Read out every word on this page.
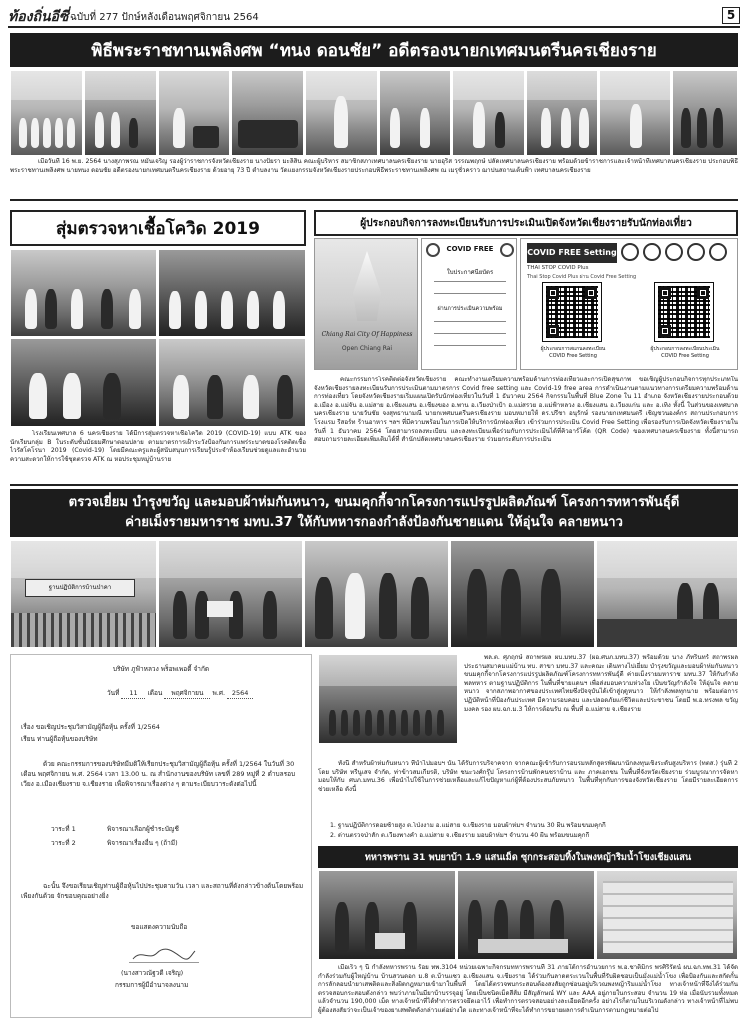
ท้องถิ่นอีซี่ ฉบับที่ 277 ปักษ์หลังเดือนพฤศจิกายน 2564	5
พิธีพระราชทานเพลิงศพ “ทนง ดอนชัย” อดีตรองนายกเทศมนตรีนครเชียงราย
เมื่อวันที่ 16 พ.ย. 2564 นางสุภาพรณ หมั่นเจริญ รองผู้ว่าราชการจังหวัดเชียงราย นางปัยรา มะลิสิน คณะผู้บริหาร สมาชิกสภาเทศบาลนครเชียงราย นายอุริส วรรณพฤกษ์ ปลัดเทศบาลนครเชียงราย พร้อมด้วยข้าราชการและเจ้าหน้าที่เทศบาลนครเชียงราย ประกอบพิธีพระราชทานเพลิงศพ นายทนง ดอนชัย อดีตรองนายกเทศมนตรีนครเชียงราย ด้วยอายุ 73 ปี ตำบลงาน วัดแยงกรรมจังหวัดเชียงรายประกอบพิธีพระราชทานเพลิงศพ ณ เมรุชั่วคราว ฌาปนสถานเต้นฟ้า เทศบาลนครเชียงราย
สุ่มตรวจหาเชื้อโควิด 2019
โรงเรียนเทศบาล 6 นครเชียงราย ได้มีการสุ่มตรวจหาเชื้อโควิด 2019 (COVID-19) แบบ ATK ของนักเรียนกลุ่ม B ในระดับชั้นมัธยมศึกษาตอนปลาย ตามมาตรการเฝ้าระวังป้องกันการแพร่ระบาดของโรคติดเชื้อไวรัสโคโรนา 2019 (Covid-19) โดยมีคณะครูและผู้สนับสนุนการเรียนรู้ประจำห้องเรียนช่วยดูแลและอำนวยความสะดวกให้การใช้ชุดตรวจ ATK ณ หอประชุมหมู่บ้านราย
ผู้ประกอบกิจการลงทะเบียนรับการประเมินเปิดจังหวัดเชียงรายรับนักท่องเที่ยว
Chiang Rai City Of Happiness
Open Chiang Rai
COVID FREE
ใบประกาศนียบัตร
ผ่านการประเมินความพร้อม
COVID FREE Setting
THAI STOP COVID Plus
Thai Stop Covid Plus ผ่าน Covid Free Setting
ผู้ประกอบการสแกนลงทะเบียน
COVID Free Setting
ผู้ประกอบการลงทะเบียนประเมิน
COVID Free Setting
คณะกรรมการโรคติดต่อจังหวัดเชียงราย คณะทำงานเตรียมความพร้อมด้านการท่องเที่ยวและการเปิดสุขภาพ ขอเชิญผู้ประกอบกิจการทุกประเภทในจังหวัดเชียงรายลงทะเบียนรับการประเมินตามมาตรการ Covid free setting และ Covid-19 free area การดำเนินงานตามแนวทางการเตรียมความพร้อมด้านการท่องเที่ยว โดยจังหวัดเชียงรายเริ่มแผนเปิดรับนักท่องเที่ยวในวันที่ 1 ธันวาคม 2564 กิจกรรมในพื้นที่ Blue Zone ใน 11 อำเภอ จังหวัดเชียงรายประกอบด้วย อ.เมือง อ.แม่จัน อ.แม่สาย อ.เชียงแสน อ.เชียงของ อ.พาน อ.เวียงป่าเป้า อ.แม่สรวย อ.แม่ฟ้าหลวง อ.เชียงแสน อ.เวียงแก่น และ อ.เทิง ทั้งนี้ ในส่วนของเทศบาลนครเชียงราย นายวันชัย จงสุทธานามณี นายกเทศมนตรีนครเชียงราย มอบหมายให้ ดร.ปรีชา อนุรักษ์ รองนายกเทศมนตรี เชิญชวนองค์กร สถานประกอบการ โรงแรม รีสอร์ท ร้านอาหาร ฯลฯ ที่มีความพร้อมในการเปิดให้บริการนักท่องเที่ยว เข้าร่วมการประเมิน Covid Free Setting เพื่อรองรับการเปิดจังหวัดเชียงรายในวันที่ 1 ธันวาคม 2564 โดยสามารถลงทะเบียน และลงทะเบียนเพื่อร่วมกับการประเมินได้ที่คิวอาร์โค้ด (QR Code) ของเทศบาลนครเชียงราย ทั้งนี้สามารถสอบถามรายละเอียดเพิ่มเติมได้ที่ สำนักปลัดเทศบาลนครเชียงราย ร่วมยกระดับการประเมิน
ตรวจเยี่ยม บำรุงขวัญ และมอบผ้าห่มกันหนาว, ขนมคุกกี้จากโครงการแปรรูปผลิตภัณฑ์ โครงการทหารพันธุ์ดี
ค่ายเม็งรายมหาราช มทบ.37 ให้กับทหารกองกำลังป้องกันชายแดน ให้อุ่นใจ คลายหนาว
ฐานปฏิบัติการบ้านป่าคา
บริษัท ภูฟ้าหลวง พร็อพเพอตี้ จำกัด
วันที่ 11 เดือน พฤศจิกายน พ.ศ. 2564
เรื่อง ขอเชิญประชุมวิสามัญผู้ถือหุ้น ครั้งที่ 1/2564
เรียน ท่านผู้ถือหุ้นของบริษัท
ด้วย คณะกรรมการของบริษัทมีมติให้เรียกประชุมวิสามัญผู้ถือหุ้น ครั้งที่ 1/2564 ในวันที่ 30 เดือน พฤศจิกายน พ.ศ. 2564 เวลา 13.00 น. ณ สำนักงานของบริษัท เลขที่ 289 หมู่ที่ 2 ตำบลรอบเวียง อ.เมืองเชียงราย จ.เชียงราย เพื่อพิจารณาเรื่องต่าง ๆ ตามระเบียบวาระดังต่อไปนี้
วาระที่ 1	พิจารณาเลือกผู้ชำระบัญชี
วาระที่ 2	พิจารณาเรื่องอื่น ๆ (ถ้ามี)
ฉะนั้น จึงขอเรียนเชิญท่านผู้ถือหุ้นไปประชุมตามวัน เวลา และสถานที่ดังกล่าวข้างต้นโดยพร้อมเพียงกันด้วย จักขอบคุณอย่างยิ่ง
ขอแสดงความนับถือ
(นางสาวณัฐวดี เจริญ)
กรรมการผู้มีอำนาจลงนาม
พล.ต. ศุภฤกษ์ สถาพรผล ผบ.มทบ.37 (ผอ.ศบภ.มทบ.37) พร้อมด้วย นาง ภัทรินทร์ สถาพรผล ประธานสมาคมแม่บ้าน ทบ. สาขา มทบ.37 และคณะ เดินทางไปเยี่ยม บำรุงขวัญและมอบผ้าห่มกันหนาว ขนมคุกกี้จากโครงการแปรรูปผลิตภัณฑ์โครงการทหารพันธุ์ดี ค่ายเม็งรายมหาราช มทบ.37 ให้กับกำลังพลทหาร ตามฐานปฏิบัติการ ในพื้นที่ชายแดนฯ เพื่อส่งมอบความห่วงใย เป็นขวัญกำลังใจ ให้อุ่นใจ คลายหนาว จากสภาพอากาศของประเทศไทยซึ่งปัจจุบันได้เข้าสู่ฤดูหนาว ให้กำลังพลทุกนาย พร้อมต่อการปฏิบัติหน้าที่ป้องกันประเทศ มีความรอบคอบ และปลอดภัยแก่ชีวิตและประชาชน โดยมี พ.อ.ทรงพล ขวัญมงคล รอง ผบ.ฉก.ม.3 ให้การต้อนรับ ณ พื้นที่ อ.แม่สาย จ.เชียงราย
ทั้งนี้ สำหรับผ้าห่มกันหนาว ที่นำไปมอบฯ นั้น ได้รับการบริจาคจาก จากคณะผู้เข้ารับการอบรมหลักสูตรพัฒนานักลงทุนเชิงระดับสูงบริหาร (ทตส.) รุ่นที่ 2 โดย บริษัท ทรีนูเสจ จำกัด, ท่าข้าวสมเกียรติ, บริษัท ชนะวงศ์กรุ๊ป โครงการบ้านพักคนชราบ้าน และ ภาคเอกชน ในพื้นที่จังหวัดเชียงราย ร่วมบูรณาการจัดหา มอบให้กับ ศบภ.มทบ.36 เพื่อนำไปใช้ในการช่วยเหลือและแก้ไขปัญหาแก่ผู้ที่ต้องประสบภัยหนาว ในพื้นที่ทุกกับการของจังหวัดเชียงราย โดยมีรายละเอียดการช่วยเหลือ ดังนี้
1. ฐานปฏิบัติการดอยซ้ายสูง ต.โป่งงาม อ.แม่สาย จ.เชียงราย มอบผ้าห่มฯ จำนวน 30 ผืน พร้อมขนมคุกกี้
2. ด่านตรวจป่าสัก ต.เวียงพางคำ อ.แม่สาย จ.เชียงราย มอบผ้าห่มฯ จำนวน 40 ผืน พร้อมขนมคุกกี้
ทหารพราน 31 พบยาบ้า 1.9 แสนเม็ด ซุกกระสอบทิ้งในพงหญ้าริมน้ำโขงเชียงแสน
เมื่อเร็ว ๆ นี้ กำลังทหารพราน ร้อย ทพ.3104 หน่วยเฉพาะกิจกรมทหารพรานที่ 31 ภายใต้การอำนวยการ พ.อ.ชาติมิกร พรศิริรัตน์ ผบ.ฉก.ทพ.31 ได้จัดกำลังร่วมกับผู้ใหญ่บ้าน บ้านสวนดอก ม.8 ต.บ้านแซว อ.เชียงแสน จ.เชียงราย ได้ร่วมกันลาดตระเวนในพื้นที่รับผิดชอบเป็นมั่งแม่น้ำโขง เพื่อป้องกันและสกัดกั้นการลักลอบนำยาเสพติดและสิ่งผิดกฎหมายเข้ามาในพื้นที่ โดยได้ตรวจพบกระสอบต้องสงสัยถูกซ่อนอยู่บริเวณพงหญ้าริมแม่น้ำโขง ทางเจ้าหน้าที่จึงได้ร่วมกันตรวจสอบกระสอบดังกล่าว พบว่าภายในมียาบ้าบรรจุอยู่ โดยเป็นชนิดเม็ดสีส้ม มีสัญลักษณ์ WY และ AAA อยู่ภายในกระสอบ จำนวน 19 ห่อ เมื่อนับรวมทั้งหมดแล้วจำนวน 190,000 เม็ด ทางเจ้าหน้าที่ได้ทำการตรวจยึดเอาไว้ เพื่อทำการตรวจสอบอย่างละเอียดอีกครั้ง อย่างไรก็ตามในบริเวณดังกล่าว ทางเจ้าหน้าที่ไม่พบผู้ต้องสงสัยว่าจะเป็นเจ้าของยาเสพติดดังกล่าวแต่อย่างใด และทางเจ้าหน้าที่จะได้ทำการขยายผลการดำเนินการตามกฎหมายต่อไป
